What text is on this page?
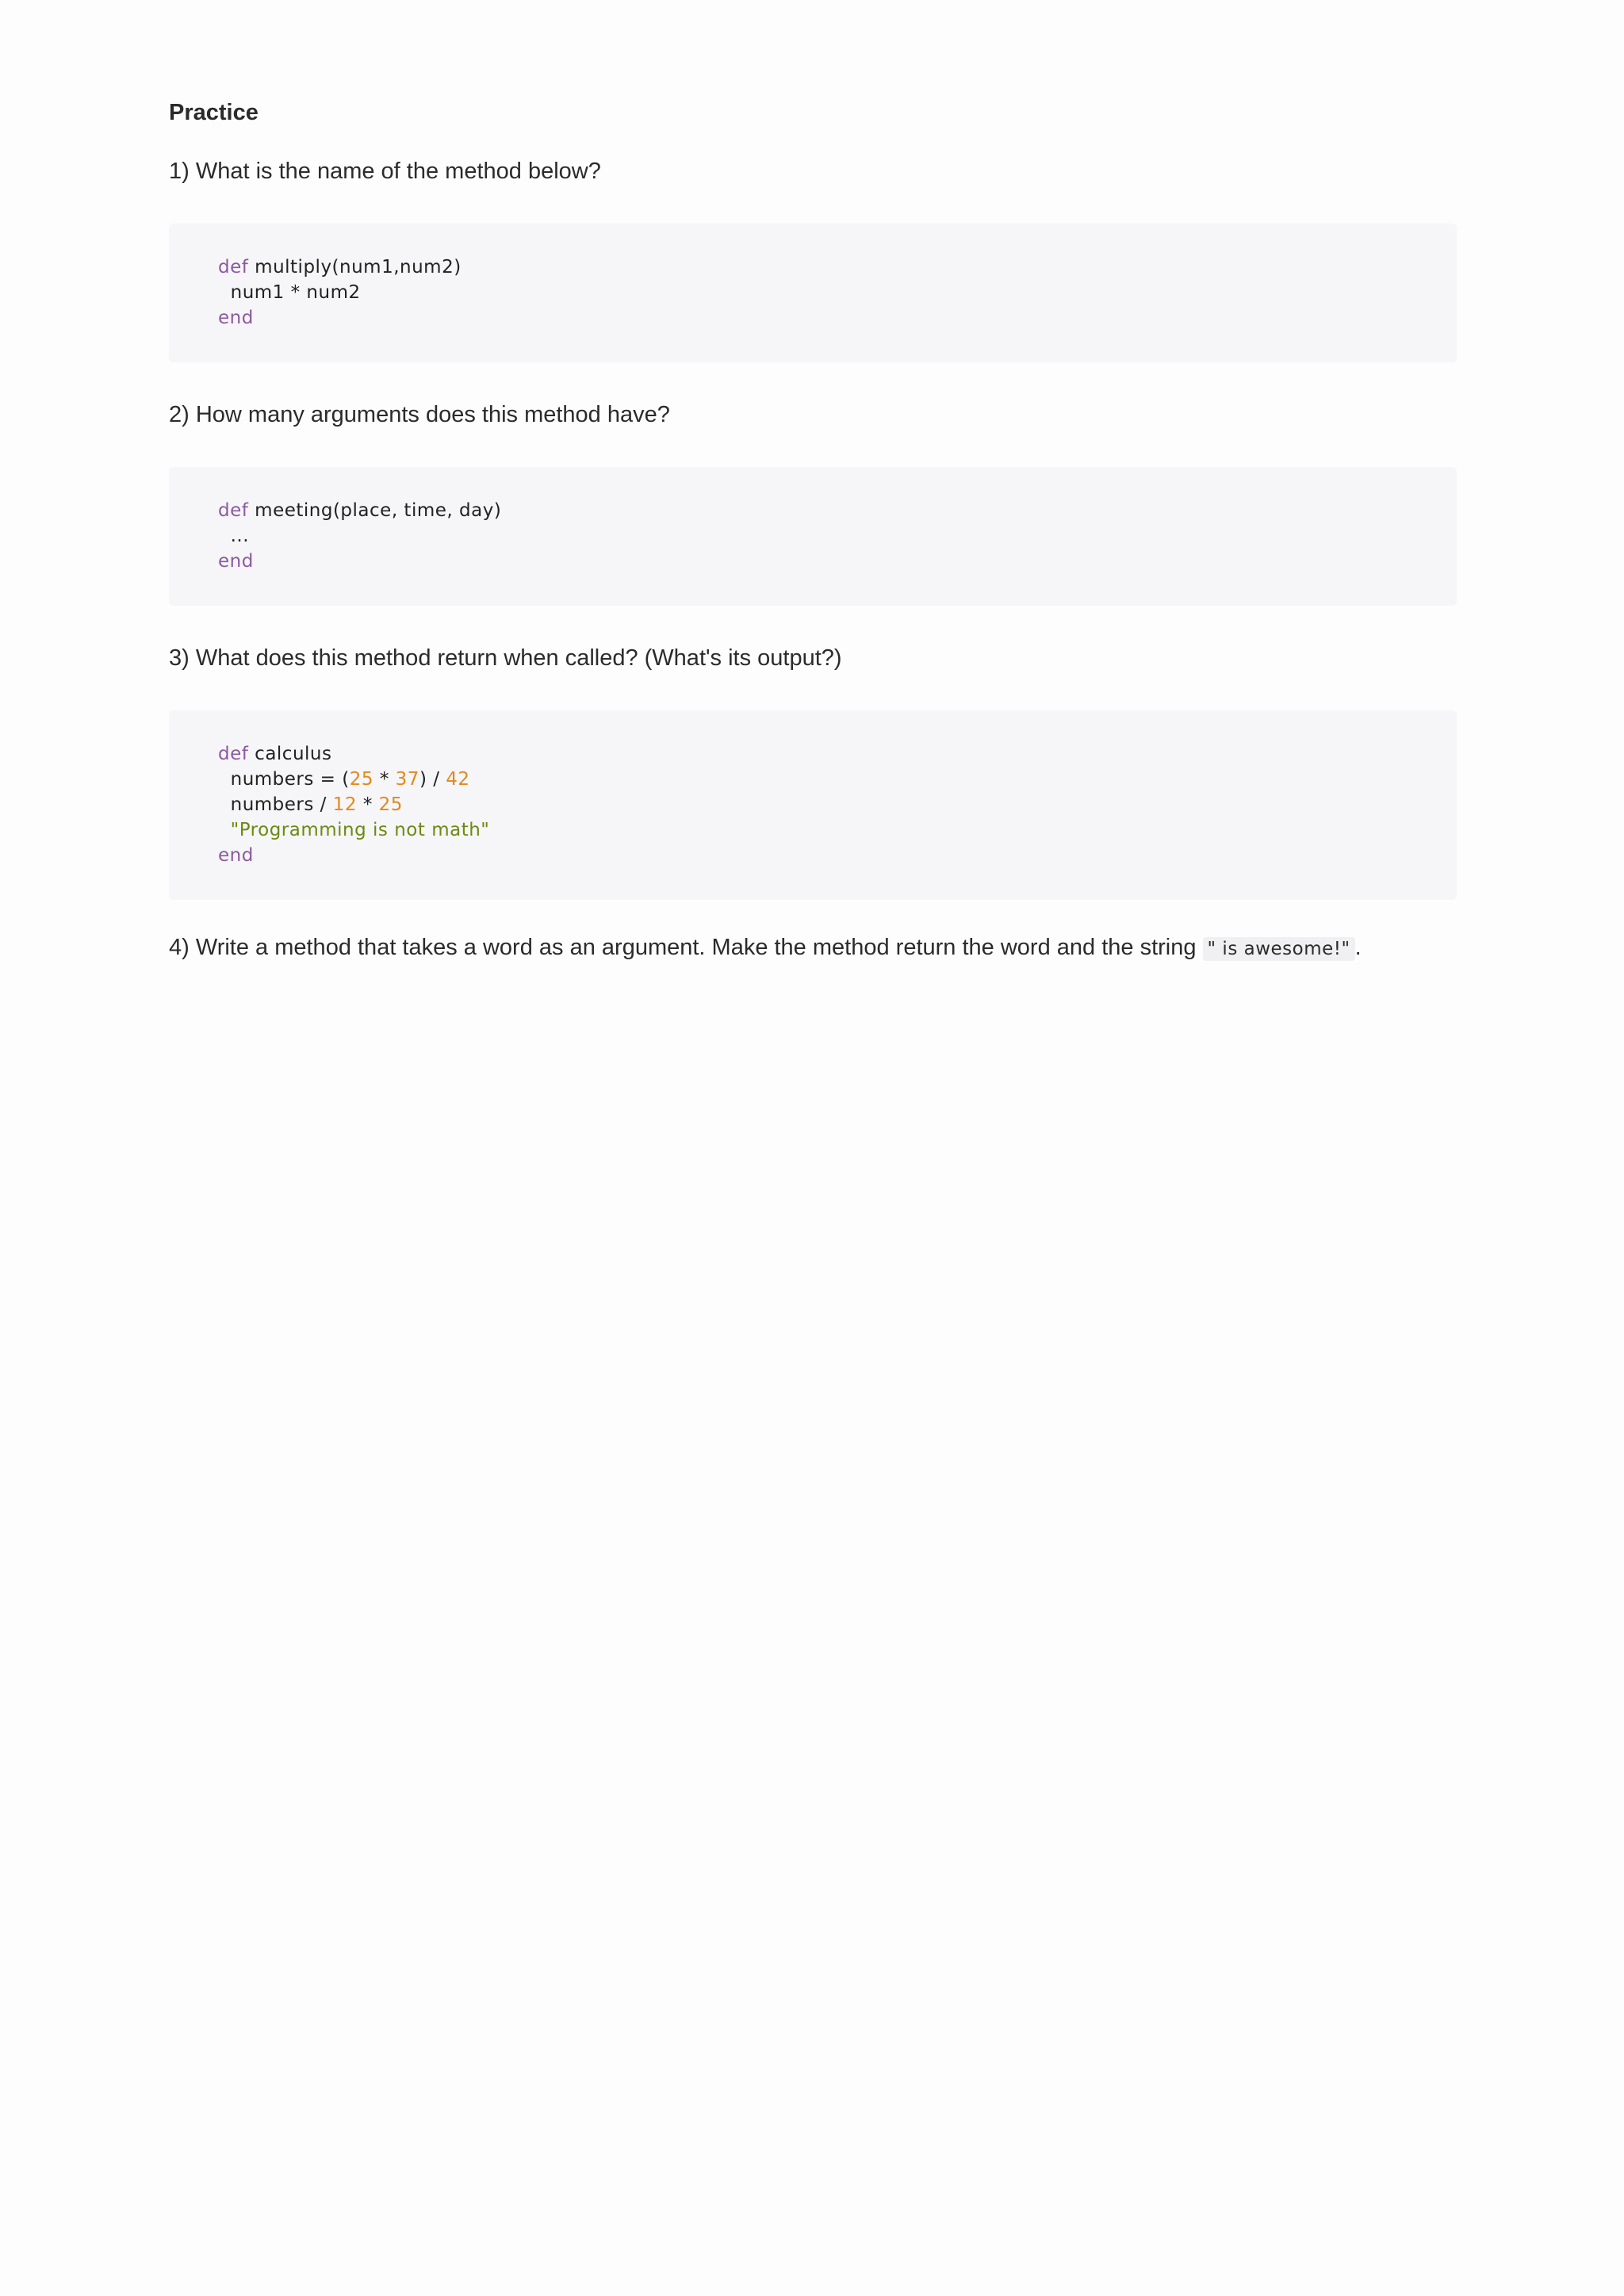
Practice

1) What is the name of the method below?

def multiply(num1,num2)
num1 * num2
end

2) How many arguments does this method have?

def meeting(place, time, day)
...
end

3) What does this method return when called? (What's its output?)

def calculus
numbers = (25 * 37) / 42
numbers / 12 * 25
"Programming is not math"
end

4) Write a method that takes a word as an argument. Make the method return the word and the string " is awesome!" .
